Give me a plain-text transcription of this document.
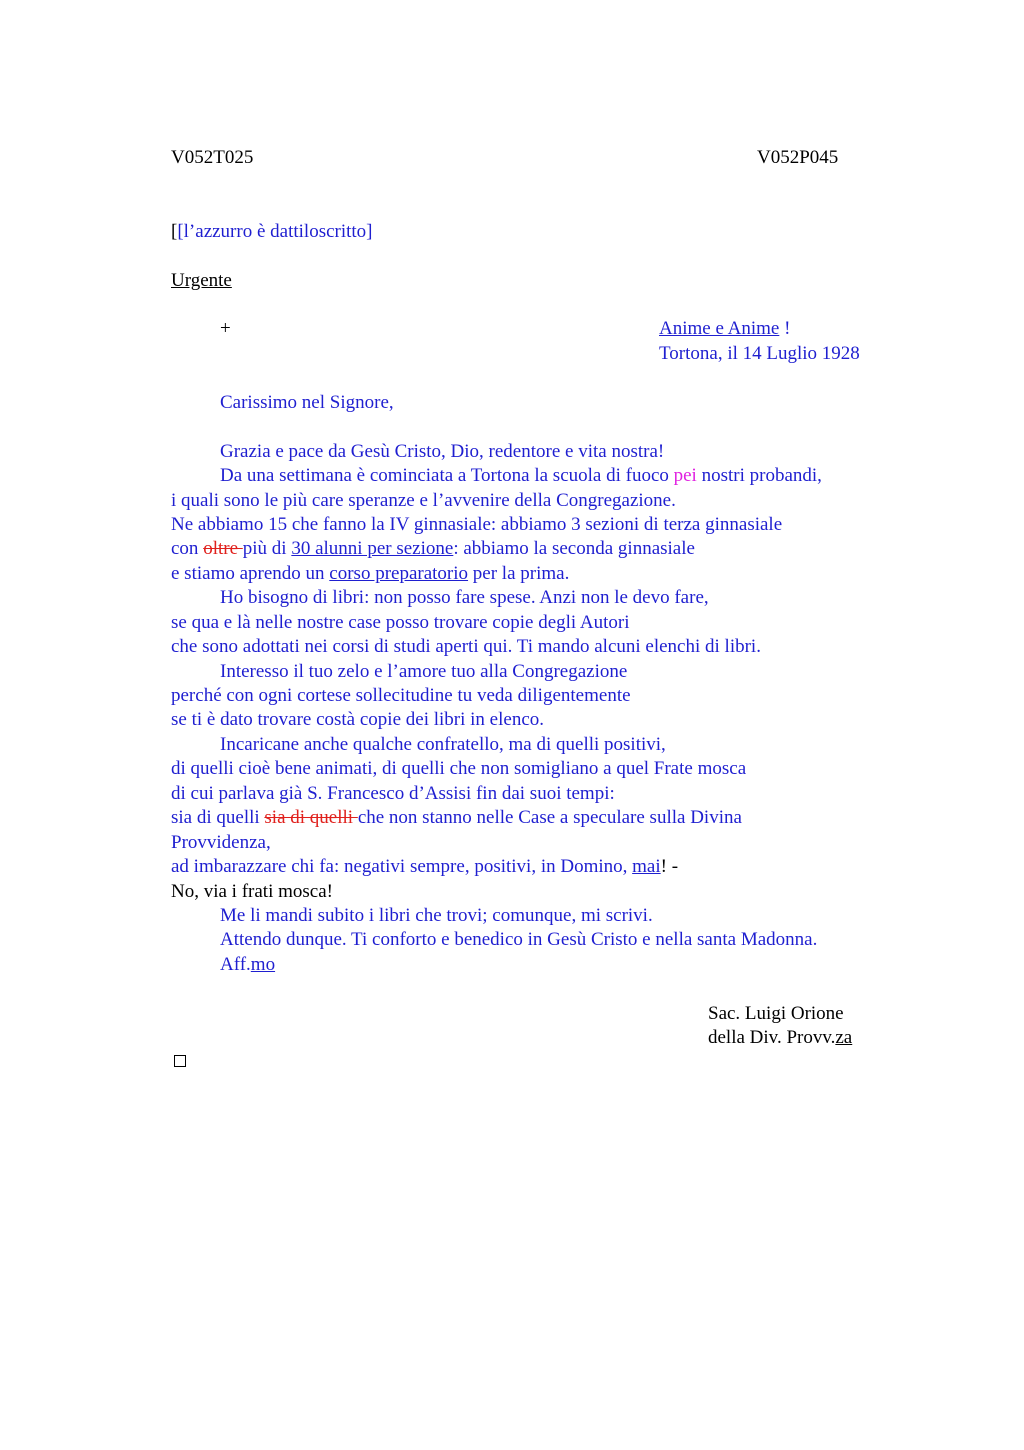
V052T025	V052P045
[[l’azzurro è dattiloscritto]
Urgente
+	Anime e Anime !
Tortona, il 14 Luglio 1928
Carissimo nel Signore,
Grazia e pace da Gesù Cristo, Dio, redentore e vita nostra!
Da una settimana è cominciata a Tortona la scuola di fuoco pei nostri probandi,
i quali sono le più care speranze e l’avvenire della Congregazione.
Ne abbiamo 15 che fanno la IV ginnasiale: abbiamo 3 sezioni di terza ginnasiale
con oltre più di 30 alunni per sezione: abbiamo la seconda ginnasiale
e stiamo aprendo un corso preparatorio per la prima.
Ho bisogno di libri: non posso fare spese. Anzi non le devo fare,
se qua e là nelle nostre case posso trovare copie degli Autori
che sono adottati nei corsi di studi aperti qui. Ti mando alcuni elenchi di libri.
Interesso il tuo zelo e l’amore tuo alla Congregazione
perché con ogni cortese sollecitudine tu veda diligentemente
se ti è dato trovare costà copie dei libri in elenco.
Incaricane anche qualche confratello, ma di quelli positivi,
di quelli cioè bene animati, di quelli che non somigliano a quel Frate mosca
di cui parlava già S. Francesco d’Assisi fin dai suoi tempi:
sia di quelli sia di quelli che non stanno nelle Case a speculare sulla Divina
Provvidenza,
ad imbarazzare chi fa: negativi sempre, positivi, in Domino, mai! -
No, via i frati mosca!
Me li mandi subito i libri che trovi; comunque, mi scrivi.
Attendo dunque. Ti conforto e benedico in Gesù Cristo e nella santa Madonna.
Aff.mo
Sac. Luigi Orione
della Div. Provv.za
